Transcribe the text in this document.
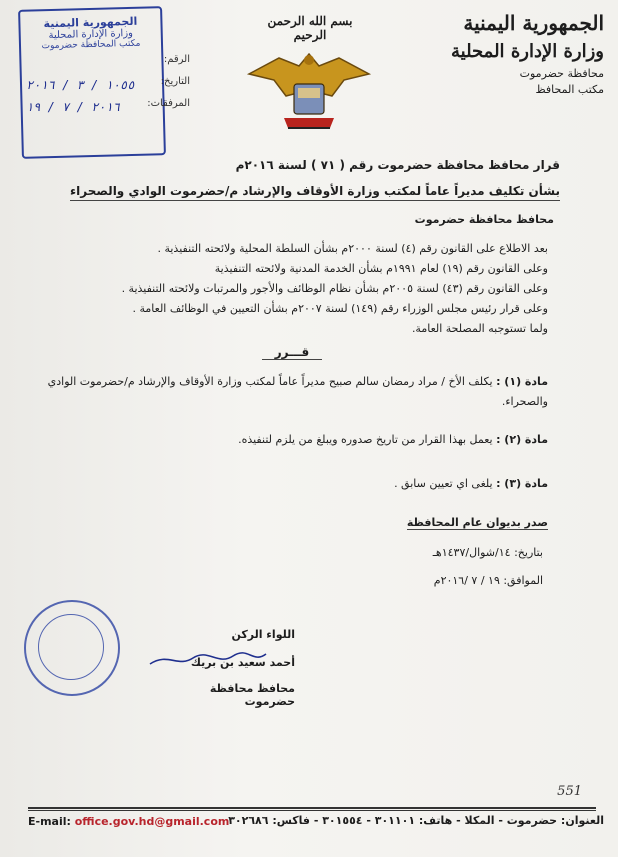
الجمهورية اليمنية
وزارة الإدارة المحلية
محافظة حضرموت
مكتب المحافظ
بسم الله الرحمن الرحيم
الجمهورية اليمنية
وزارة الإدارة المحلية
مكتب المحافظة حضرموت
الرقم:
التاريخ:
المرفقات:
١٠٥٥ / ٣ / ٢٠١٦
٢٠١٦ / ٧ / ١٩
قرار محافظ محافظة حضرموت رقم ( ٧١ ) لسنة ٢٠١٦م
بشأن تكليف مديراً عاماً لمكتب وزارة الأوقاف والإرشاد م/حضرموت الوادي والصحراء
محافظ محافظة حضرموت
بعد الاطلاع على القانون رقم (٤) لسنة ٢٠٠٠م بشأن السلطة المحلية ولائحته التنفيذية .
وعلى القانون رقم (١٩) لعام ١٩٩١م بشأن الخدمة المدنية ولائحته التنفيذية
وعلى القانون رقم (٤٣) لسنة ٢٠٠٥م بشأن نظام الوظائف والأجور والمرتبات ولائحته التنفيذية .
وعلى قرار رئيس مجلس الوزراء رقم (١٤٩) لسنة ٢٠٠٧م بشأن التعيين في الوظائف العامة .
ولما تستوجبه المصلحة العامة.
قـــرر
مادة (١) : يكلف الأخ / مراد رمضان سالم صبيح مديراً عاماً لمكتب وزارة الأوقاف والإرشاد م/حضرموت الوادي والصحراء.
مادة (٢) : يعمل بهذا القرار من تاريخ صدوره ويبلغ من يلزم لتنفيذه.
مادة (٣) : يلغى اي تعيين سابق .
صدر بديوان عام المحافظة
بتاريخ: ١٤/شوال/١٤٣٧هـ
الموافق: ١٩ / ٧ /٢٠١٦م
اللواء الركن
أحمد سعيد بن بريك
محافظ محافظة حضرموت
551
E-mail: office.gov.hd@gmail.com
العنوان: حضرموت - المكلا - هاتف: ٣٠١١٠١ - ٣٠١٥٥٤ - فاكس: ٣٠٢٦٨٦
